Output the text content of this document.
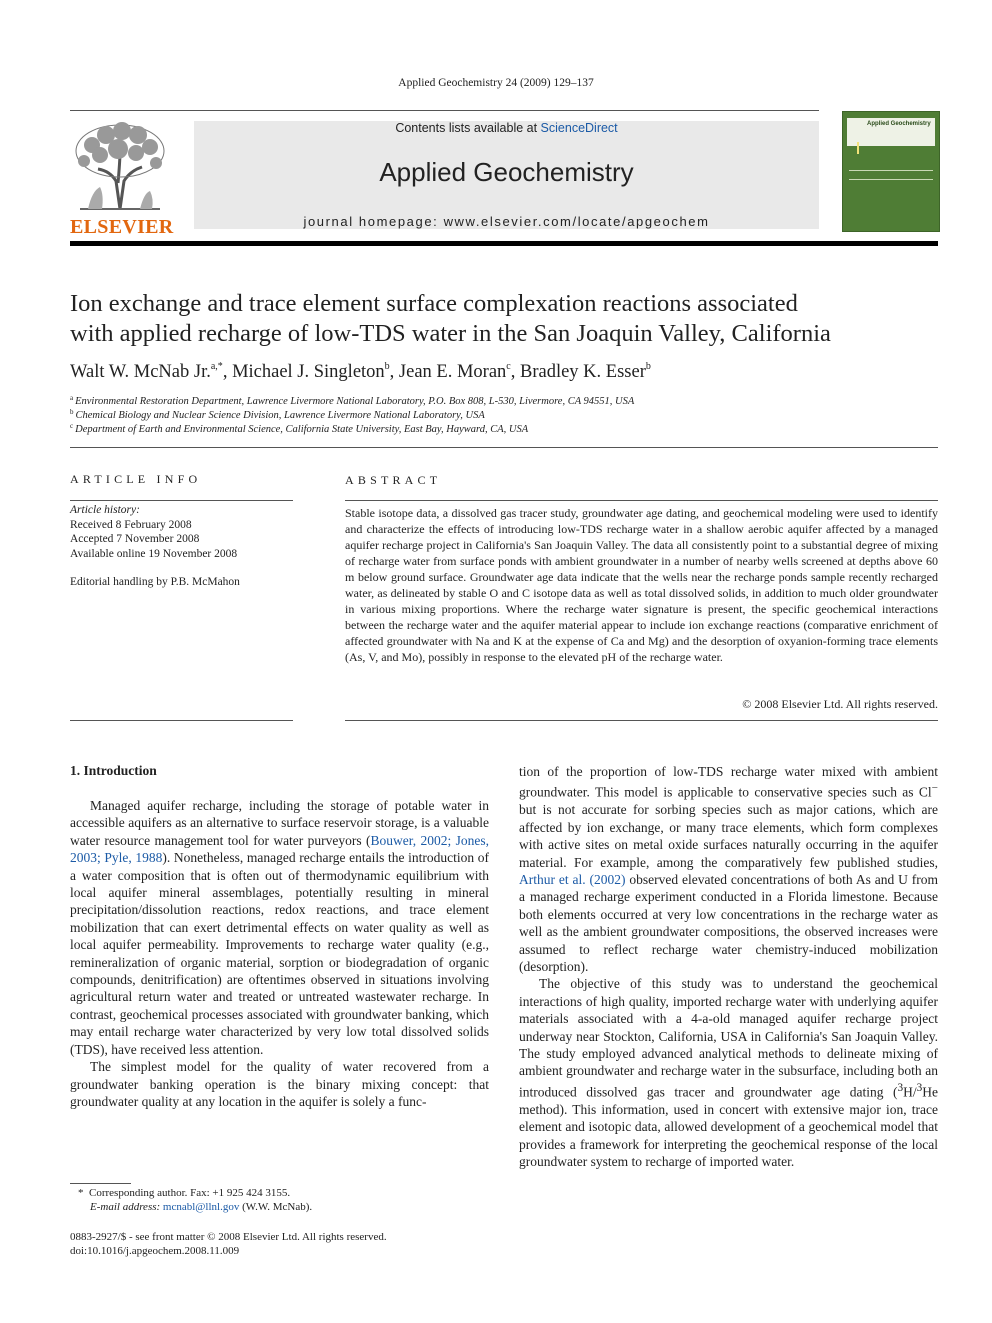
Applied Geochemistry 24 (2009) 129–137
ELSEVIER
Contents lists available at ScienceDirect
Applied Geochemistry
journal homepage: www.elsevier.com/locate/apgeochem
Applied Geochemistry
Ion exchange and trace element surface complexation reactions associated
with applied recharge of low-TDS water in the San Joaquin Valley, California
Walt W. McNab Jr.$^{a,*}$, Michael J. Singleton$^b$, Jean E. Moran$^c$, Bradley K. Esser$^b$
$^a$ Environmental Restoration Department, Lawrence Livermore National Laboratory, P.O. Box 808, L-530, Livermore, CA 94551, USA
$^b$ Chemical Biology and Nuclear Science Division, Lawrence Livermore National Laboratory, USA
$^c$ Department of Earth and Environmental Science, California State University, East Bay, Hayward, CA, USA
ARTICLE INFO
Article history:
Received 8 February 2008
Accepted 7 November 2008
Available online 19 November 2008
Editorial handling by P.B. McMahon
ABSTRACT
Stable isotope data, a dissolved gas tracer study, groundwater age dating, and geochemical modeling were used to identify and characterize the effects of introducing low-TDS recharge water in a shallow aerobic aquifer affected by a managed aquifer recharge project in California's San Joaquin Valley. The data all consistently point to a substantial degree of mixing of recharge water from surface ponds with ambient groundwater in a number of nearby wells screened at depths above 60 m below ground surface. Groundwater age data indicate that the wells near the recharge ponds sample recently recharged water, as delineated by stable O and C isotope data as well as total dissolved solids, in addition to much older groundwater in various mixing proportions. Where the recharge water signature is present, the specific geochemical interactions between the recharge water and the aquifer material appear to include ion exchange reactions (comparative enrichment of affected groundwater with Na and K at the expense of Ca and Mg) and the desorption of oxyanion-forming trace elements (As, V, and Mo), possibly in response to the elevated pH of the recharge water.
© 2008 Elsevier Ltd. All rights reserved.
1. Introduction

Managed aquifer recharge, including the storage of potable water in accessible aquifers as an alternative to surface reservoir storage, is a valuable water resource management tool for water purveyors (Bouwer, 2002; Jones, 2003; Pyle, 1988). Nonetheless, managed recharge entails the introduction of a water composition that is often out of thermodynamic equilibrium with local aquifer mineral assemblages, potentially resulting in mineral precipitation/dissolution reactions, redox reactions, and trace element mobilization that can exert detrimental effects on water quality as well as local aquifer permeability. Improvements to recharge water quality (e.g., remineralization of organic material, sorption or biodegradation of organic compounds, denitrification) are oftentimes observed in situations involving agricultural return water and treated or untreated wastewater recharge. In contrast, geochemical processes associated with groundwater banking, which may entail recharge water characterized by very low total dissolved solids (TDS), have received less attention.

The simplest model for the quality of water recovered from a groundwater banking operation is the binary mixing concept: that groundwater quality at any location in the aquifer is solely a func-

tion of the proportion of low-TDS recharge water mixed with ambient groundwater. This model is applicable to conservative species such as Cl− but is not accurate for sorbing species such as major cations, which are affected by ion exchange, or many trace elements, which form complexes with active sites on metal oxide surfaces naturally occurring in the aquifer material. For example, among the comparatively few published studies, Arthur et al. (2002) observed elevated concentrations of both As and U from a managed recharge experiment conducted in a Florida limestone. Because both elements occurred at very low concentrations in the recharge water as well as the ambient groundwater compositions, the observed increases were assumed to reflect recharge water chemistry-induced mobilization (desorption).

The objective of this study was to understand the geochemical interactions of high quality, imported recharge water with underlying aquifer materials associated with a 4-a-old managed aquifer recharge project underway near Stockton, California, USA in California's San Joaquin Valley. The study employed advanced analytical methods to delineate mixing of ambient groundwater and recharge water in the subsurface, including both an introduced dissolved gas tracer and groundwater age dating ($^3$H/$^3$He method). This information, used in concert with extensive major ion, trace element and isotopic data, allowed development of a geochemical model that provides a framework for interpreting the geochemical response of the local groundwater system to recharge of imported water.

* Corresponding author. Fax: +1 925 424 3155.
E-mail address: mcnabl@llnl.gov (W.W. McNab).
0883-2927/$ - see front matter © 2008 Elsevier Ltd. All rights reserved.
doi:10.1016/j.apgeochem.2008.11.009
